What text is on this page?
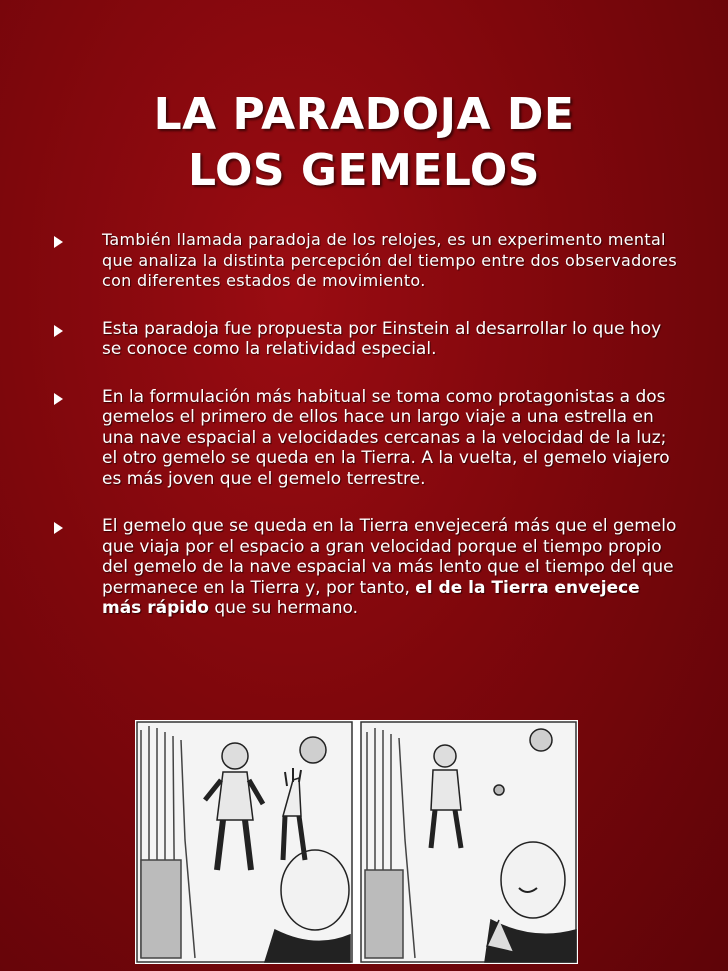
LA PARADOJA DE
LOS GEMELOS
También llamada paradoja de los relojes, es un experimento mental que analiza la distinta percepción del tiempo entre dos observadores con diferentes estados de movimiento.
Esta paradoja fue propuesta por Einstein al desarrollar lo que hoy se conoce como la relatividad especial.
En la formulación más habitual se toma como protagonistas a dos gemelos el primero de ellos hace un largo viaje a una estrella en una nave espacial a velocidades cercanas a la velocidad de la luz; el otro gemelo se queda en la Tierra. A la vuelta, el gemelo viajero es más joven que el gemelo terrestre.
El gemelo que se queda en la Tierra envejecerá más que el gemelo que viaja por el espacio a gran velocidad porque el tiempo propio del gemelo de la nave espacial va más lento que el tiempo del que permanece en la Tierra y, por tanto, el de la Tierra envejece más rápido que su hermano.
